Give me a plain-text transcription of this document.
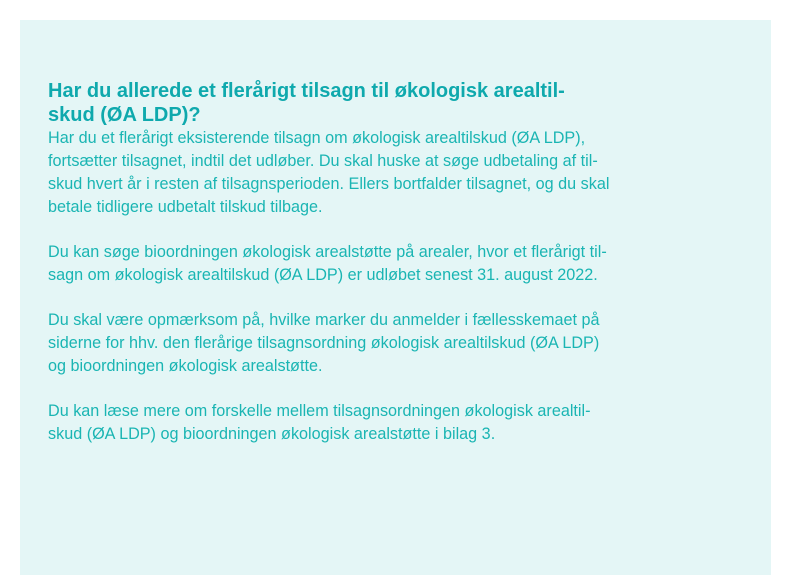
Har du allerede et flerårigt tilsagn til økologisk arealtil-
skud (ØA LDP)?

Har du et flerårigt eksisterende tilsagn om økologisk arealtilskud (ØA LDP),
fortsætter tilsagnet, indtil det udløber. Du skal huske at søge udbetaling af til-
skud hvert år i resten af tilsagnsperioden. Ellers bortfalder tilsagnet, og du skal
betale tidligere udbetalt tilskud tilbage.

Du kan søge bioordningen økologisk arealstøtte på arealer, hvor et flerårigt til-
sagn om økologisk arealtilskud (ØA LDP) er udløbet senest 31. august 2022.

Du skal være opmærksom på, hvilke marker du anmelder i fællesskemaet på
siderne for hhv. den flerårige tilsagnsordning økologisk arealtilskud (ØA LDP)
og bioordningen økologisk arealstøtte.

Du kan læse mere om forskelle mellem tilsagnsordningen økologisk arealtil-
skud (ØA LDP) og bioordningen økologisk arealstøtte i bilag 3.
